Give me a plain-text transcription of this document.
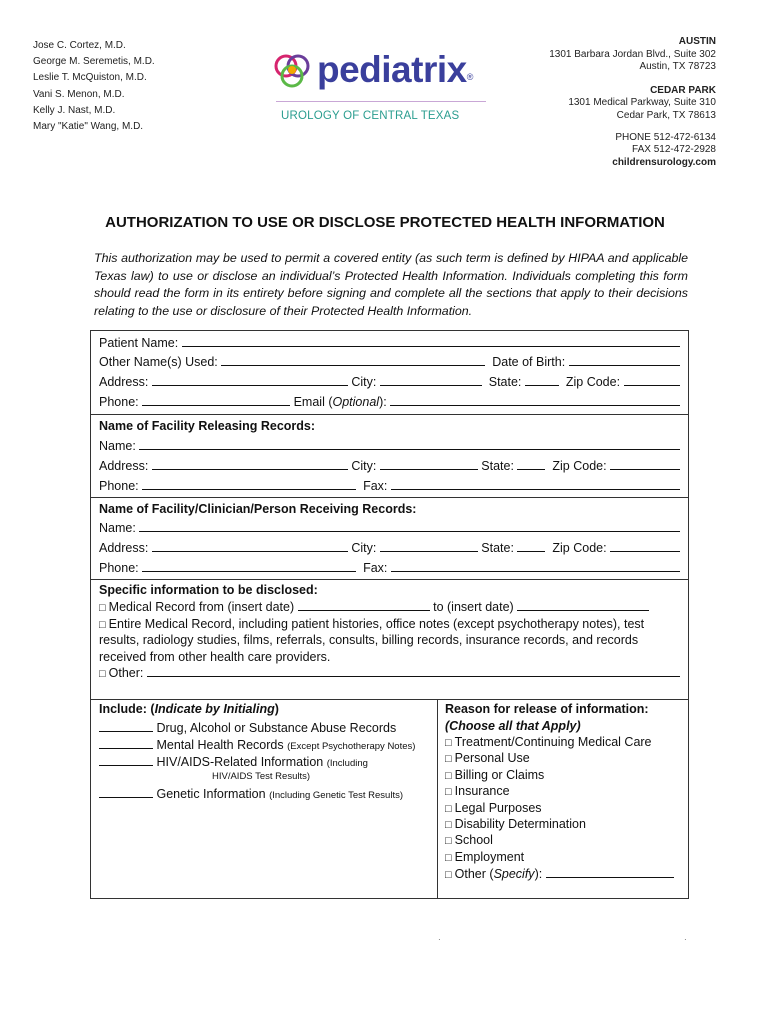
Jose C. Cortez, M.D.
George M. Seremetis, M.D.
Leslie T. McQuiston, M.D.
Vani S. Menon, M.D.
Kelly J. Nast, M.D.
Mary "Katie" Wang, M.D.
pediatrix ®
UROLOGY OF CENTRAL TEXAS
AUSTIN
1301 Barbara Jordan Blvd., Suite 302
Austin, TX 78723
CEDAR PARK
1301 Medical Parkway, Suite 310
Cedar Park, TX 78613
PHONE 512-472-6134
FAX 512-472-2928
childrensurology.com
AUTHORIZATION TO USE OR DISCLOSE PROTECTED HEALTH INFORMATION
This authorization may be used to permit a covered entity (as such term is defined by HIPAA and applicable Texas law) to use or disclose an individual’s Protected Health Information. Individuals completing this form should read the form in its entirety before signing and complete all the sections that apply to their decisions relating to the use or disclosure of their Protected Health Information.
Patient Name:

Other Name(s) Used:

	Date of Birth:

Address:

	City:

	State:

	Zip Code:

Phone:

	Email ( Optional ):

Name of Facility Releasing Records:
Name:

Address:

	City:

	State:

	Zip Code:

Phone:

	Fax:

Name of Facility/Clinician/Person Receiving Records:
Name:

Address:

	City:

	State:

	Zip Code:

Phone:

	Fax:

Specific information to be disclosed:
□ Medical Record from (insert date)

	to (insert date)

□ Entire Medical Record, including patient histories, office notes (except psychotherapy notes), test
results, radiology studies, films, referrals, consults, billing records, insurance records, and records
received from other health care providers.
□ Other:

Include: (Indicate by Initialing)
Drug, Alcohol or Substance Abuse Records
Mental Health Records (Except Psychotherapy Notes)
HIV/AIDS-Related Information (Including
HIV/AIDS Test Results)
Genetic Information (Including Genetic Test Results)
Reason for release of information:
(Choose all that Apply)
□ Treatment/Continuing Medical Care
□ Personal Use
□ Billing or Claims
□ Insurance
□ Legal Purposes
□ Disability Determination
□ School
□ Employment
□ Other (Specify):
·	·
